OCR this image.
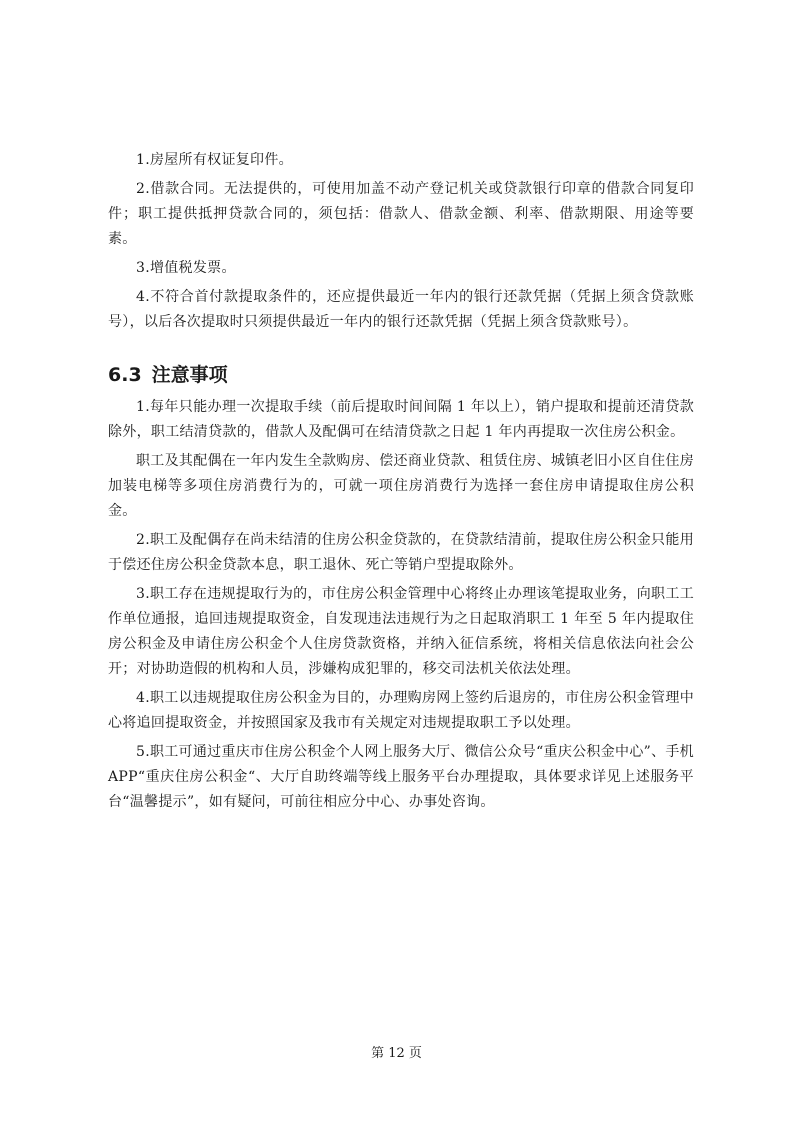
1.房屋所有权证复印件。

2.借款合同。无法提供的，可使用加盖不动产登记机关或贷款银行印章的借款合同复印件；职工提供抵押贷款合同的，须包括：借款人、借款金额、利率、借款期限、用途等要素。

3.增值税发票。

4.不符合首付款提取条件的，还应提供最近一年内的银行还款凭据（凭据上须含贷款账号），以后各次提取时只须提供最近一年内的银行还款凭据（凭据上须含贷款账号）。

6.3 注意事项

1.每年只能办理一次提取手续（前后提取时间间隔 1 年以上），销户提取和提前还清贷款除外，职工结清贷款的，借款人及配偶可在结清贷款之日起 1 年内再提取一次住房公积金。

职工及其配偶在一年内发生全款购房、偿还商业贷款、租赁住房、城镇老旧小区自住住房加装电梯等多项住房消费行为的，可就一项住房消费行为选择一套住房申请提取住房公积金。

2.职工及配偶存在尚未结清的住房公积金贷款的，在贷款结清前，提取住房公积金只能用于偿还住房公积金贷款本息，职工退休、死亡等销户型提取除外。

3.职工存在违规提取行为的，市住房公积金管理中心将终止办理该笔提取业务，向职工工作单位通报，追回违规提取资金，自发现违法违规行为之日起取消职工 1 年至 5 年内提取住房公积金及申请住房公积金个人住房贷款资格，并纳入征信系统，将相关信息依法向社会公开；对协助造假的机构和人员，涉嫌构成犯罪的，移交司法机关依法处理。

4.职工以违规提取住房公积金为目的，办理购房网上签约后退房的，市住房公积金管理中心将追回提取资金，并按照国家及我市有关规定对违规提取职工予以处理。

5.职工可通过重庆市住房公积金个人网上服务大厅、微信公众号“重庆公积金中心”、手机 APP“重庆住房公积金“、大厅自助终端等线上服务平台办理提取，具体要求详见上述服务平台“温馨提示”，如有疑问，可前往相应分中心、办事处咨询。

第 12 页
